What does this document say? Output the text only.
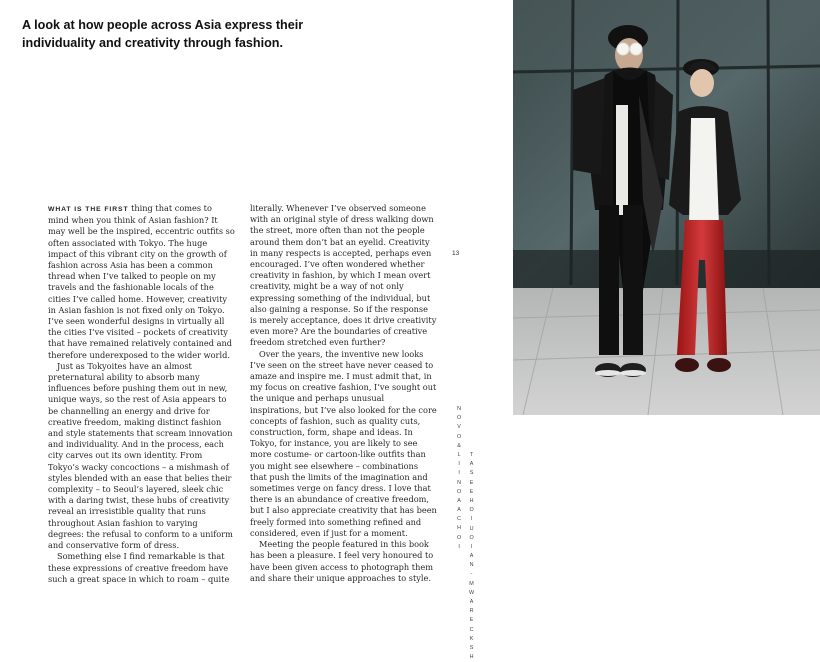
A look at how people across Asia express their individuality and creativity through fashion.

WHAT IS THE FIRST thing that comes to mind when you think of Asian fashion? It may well be the inspired, eccentric outfits so often associated with Tokyo. The huge impact of this vibrant city on the growth of fashion across Asia has been a common thread when I’ve talked to people on my travels and the fashionable locals of the cities I’ve called home. However, creativity in Asian fashion is not fixed only on Tokyo. I’ve seen wonderful designs in virtually all the cities I’ve visited – pockets of creativity that have remained relatively contained and therefore underexposed to the wider world.

Just as Tokyoites have an almost preternatural ability to absorb many influences before pushing them out in new, unique ways, so the rest of Asia appears to be channelling an energy and drive for creative freedom, making distinct fashion and style statements that scream innovation and individuality. And in the process, each city carves out its own identity. From Tokyo’s wacky concoctions – a mishmash of styles blended with an ease that belies their complexity – to Seoul’s layered, sleek chic with a daring twist, these hubs of creativity reveal an irresistible quality that runs throughout Asian fashion to varying degrees: the refusal to conform to a uniform and conservative form of dress.

Something else I find remarkable is that these expressions of creative freedom have such a great space in which to roam – quite

literally. Whenever I’ve observed someone with an original style of dress walking down the street, more often than not the people around them don’t bat an eyelid. Creativity in many respects is accepted, perhaps even encouraged. I’ve often wondered whether creativity in fashion, by which I mean overt creativity, might be a way of not only expressing something of the individual, but also gaining a response. So if the response is merely acceptance, does it drive creativity even more? Are the boundaries of creative freedom stretched even further?

Over the years, the inventive new looks I’ve seen on the street have never ceased to amaze and inspire me. I must admit that, in my focus on creative fashion, I’ve sought out the unique and perhaps unusual inspirations, but I’ve also looked for the core concepts of fashion, such as quality cuts, construction, form, shape and ideas. In Tokyo, for instance, you are likely to see more costume- or cartoon-like outfits than you might see elsewhere – combinations that push the limits of the imagination and sometimes verge on fancy dress. I love that there is an abundance of creative freedom, but I also appreciate creativity that has been freely formed into something refined and considered, even if just for a moment.

Meeting the people featured in this book has been a pleasure. I feel very honoured to have been given access to photograph them and share their unique approaches to style.

13
N
O
V
O
&
L
I
I
N
O
A
A
C
H
O
I
T
A
S
E
E
H
O
I
U
O
I
A
N
-
M
W
A
R
E
C
K
S
H
